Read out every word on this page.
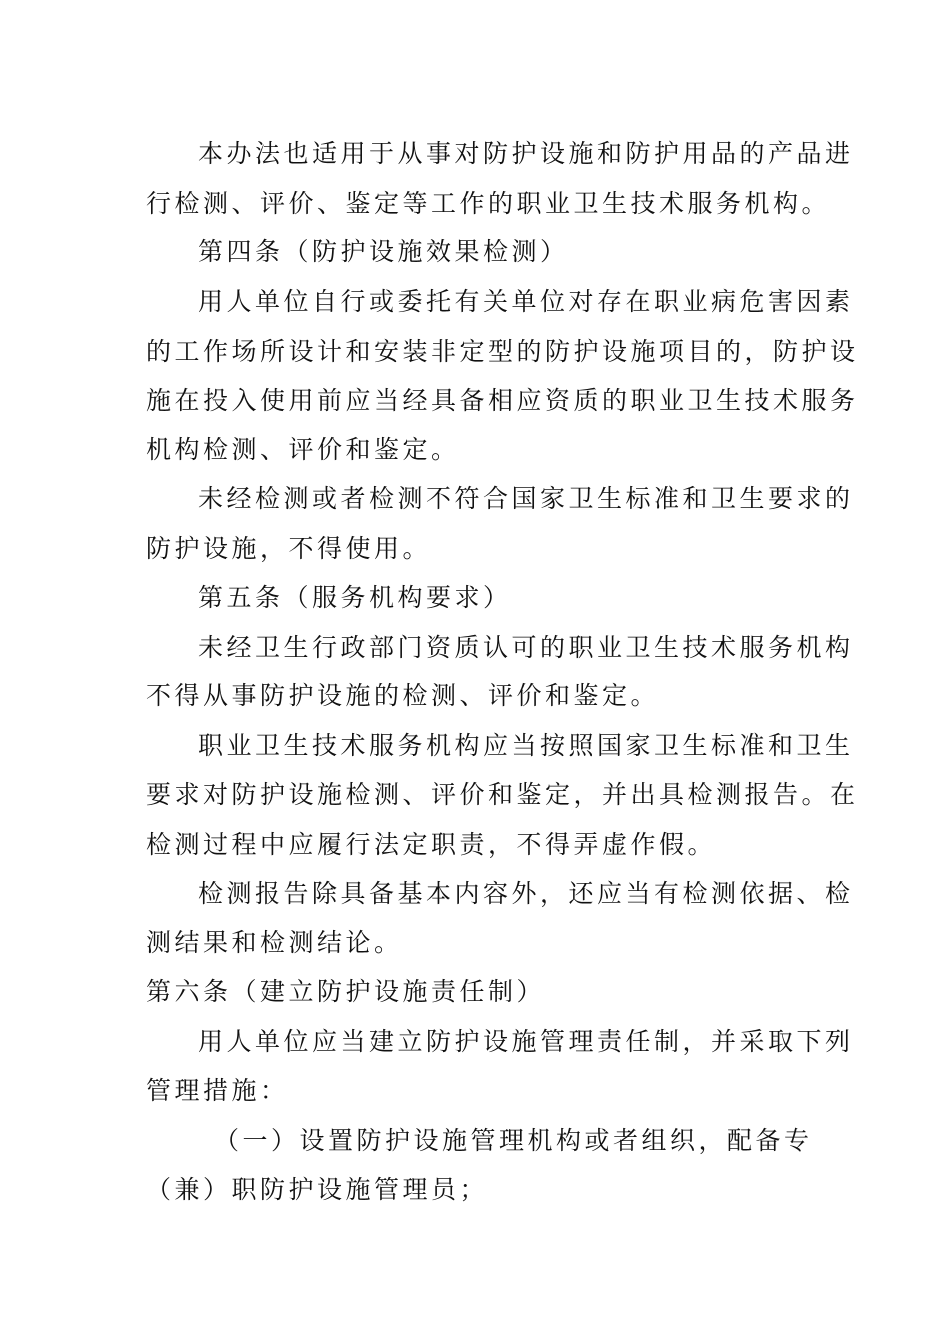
本办法也适用于从事对防护设施和防护用品的产品进
行检测、评价、鉴定等工作的职业卫生技术服务机构。
第四条（防护设施效果检测）
用人单位自行或委托有关单位对存在职业病危害因素
的工作场所设计和安装非定型的防护设施项目的，防护设
施在投入使用前应当经具备相应资质的职业卫生技术服务
机构检测、评价和鉴定。
未经检测或者检测不符合国家卫生标准和卫生要求的
防护设施，不得使用。
第五条（服务机构要求）
未经卫生行政部门资质认可的职业卫生技术服务机构
不得从事防护设施的检测、评价和鉴定。
职业卫生技术服务机构应当按照国家卫生标准和卫生
要求对防护设施检测、评价和鉴定，并出具检测报告。在
检测过程中应履行法定职责，不得弄虚作假。
检测报告除具备基本内容外，还应当有检测依据、检
测结果和检测结论。
第六条（建立防护设施责任制）
用人单位应当建立防护设施管理责任制，并采取下列
管理措施：
（一）设置防护设施管理机构或者组织，配备专
（兼）职防护设施管理员；
